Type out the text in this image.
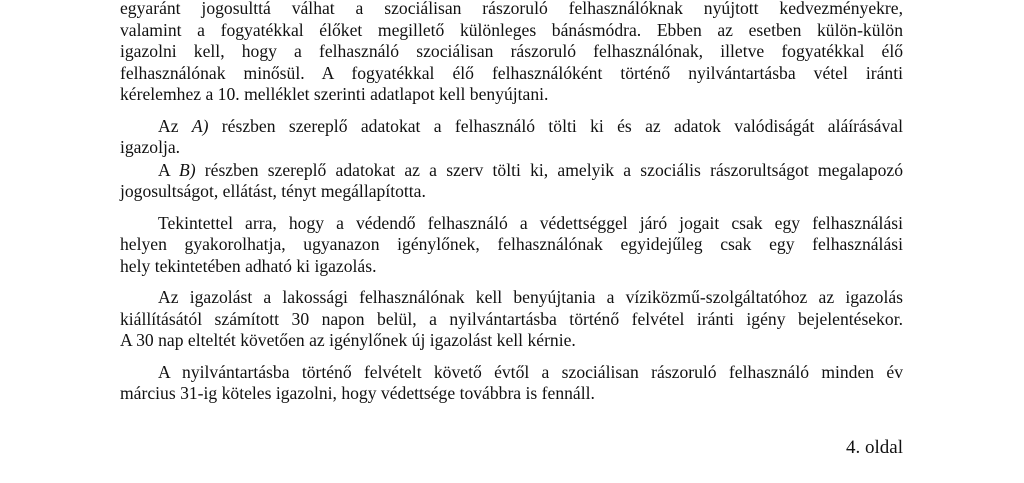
egyaránt jogosulttá válhat a szociálisan rászoruló felhasználóknak nyújtott kedvezményekre,
valamint a fogyatékkal élőket megillető különleges bánásmódra. Ebben az esetben külön-külön
igazolni kell, hogy a felhasználó szociálisan rászoruló felhasználónak, illetve fogyatékkal élő
felhasználónak minősül. A fogyatékkal élő felhasználóként történő nyilvántartásba vétel iránti
kérelemhez a 10. melléklet szerinti adatlapot kell benyújtani.
Az A) részben szereplő adatokat a felhasználó tölti ki és az adatok valódiságát aláírásával
igazolja.
A B) részben szereplő adatokat az a szerv tölti ki, amelyik a szociális rászorultságot megalapozó
jogosultságot, ellátást, tényt megállapította.
Tekintettel arra, hogy a védendő felhasználó a védettséggel járó jogait csak egy felhasználási
helyen gyakorolhatja, ugyanazon igénylőnek, felhasználónak egyidejűleg csak egy felhasználási
hely tekintetében adható ki igazolás.
Az igazolást a lakossági felhasználónak kell benyújtania a víziközmű-szolgáltatóhoz az igazolás
kiállításától számított 30 napon belül, a nyilvántartásba történő felvétel iránti igény bejelentésekor.
A 30 nap elteltét követően az igénylőnek új igazolást kell kérnie.
A nyilvántartásba történő felvételt követő évtől a szociálisan rászoruló felhasználó minden év
március 31-ig köteles igazolni, hogy védettsége továbbra is fennáll.
4. oldal
